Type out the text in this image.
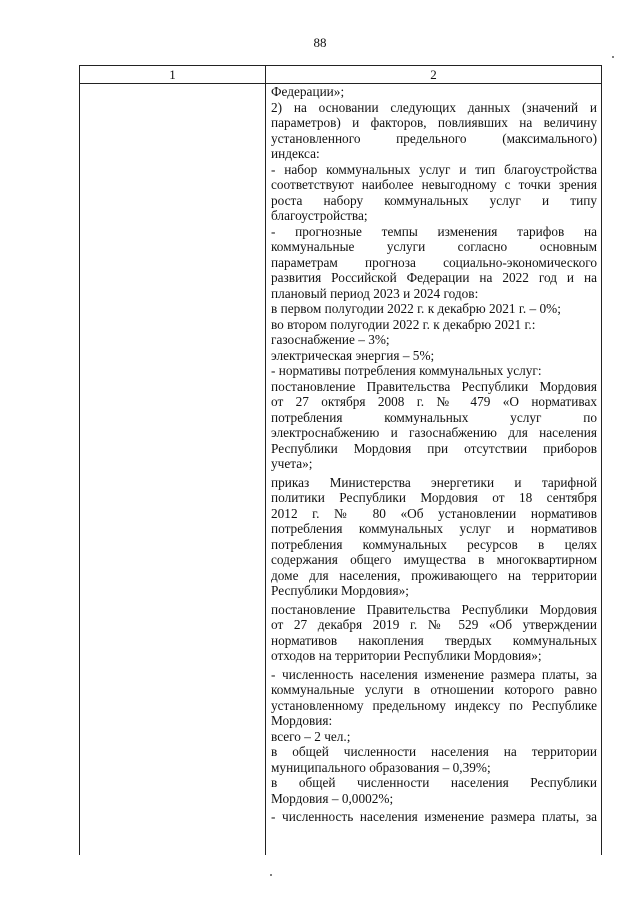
88
1	2
Федерации»;
2) на основании следующих данных (значений и
параметров) и факторов, повлиявших на величину
установленного предельного (максимального)
индекса:
- набор коммунальных услуг и тип благоустройства
соответствуют наиболее невыгодному с точки зрения
роста набору коммунальных услуг и типу
благоустройства;
- прогнозные темпы изменения тарифов на
коммунальные услуги согласно основным
параметрам прогноза социально-экономического
развития Российской Федерации на 2022 год и на
плановый период 2023 и 2024 годов:
в первом полугодии 2022 г. к декабрю 2021 г. – 0%;
во втором полугодии 2022 г. к декабрю 2021 г.:
газоснабжение – 3%;
электрическая энергия – 5%;
- нормативы потребления коммунальных услуг:
постановление Правительства Республики Мордовия
от 27 октября 2008 г. № 479 «О нормативах
потребления коммунальных услуг по
электроснабжению и газоснабжению для населения
Республики Мордовия при отсутствии приборов
учета»;
приказ Министерства энергетики и тарифной
политики Республики Мордовия от 18 сентября
2012 г. № 80 «Об установлении нормативов
потребления коммунальных услуг и нормативов
потребления коммунальных ресурсов в целях
содержания общего имущества в многоквартирном
доме для населения, проживающего на территории
Республики Мордовия»;
постановление Правительства Республики Мордовия
от 27 декабря 2019 г. № 529 «Об утверждении
нормативов накопления твердых коммунальных
отходов на территории Республики Мордовия»;
- численность населения изменение размера платы, за
коммунальные услуги в отношении которого равно
установленному предельному индексу по Республике
Мордовия:
всего – 2 чел.;
в общей численности населения на территории
муниципального образования – 0,39%;
в общей численности населения Республики
Мордовия – 0,0002%;
- численность населения изменение размера платы, за
